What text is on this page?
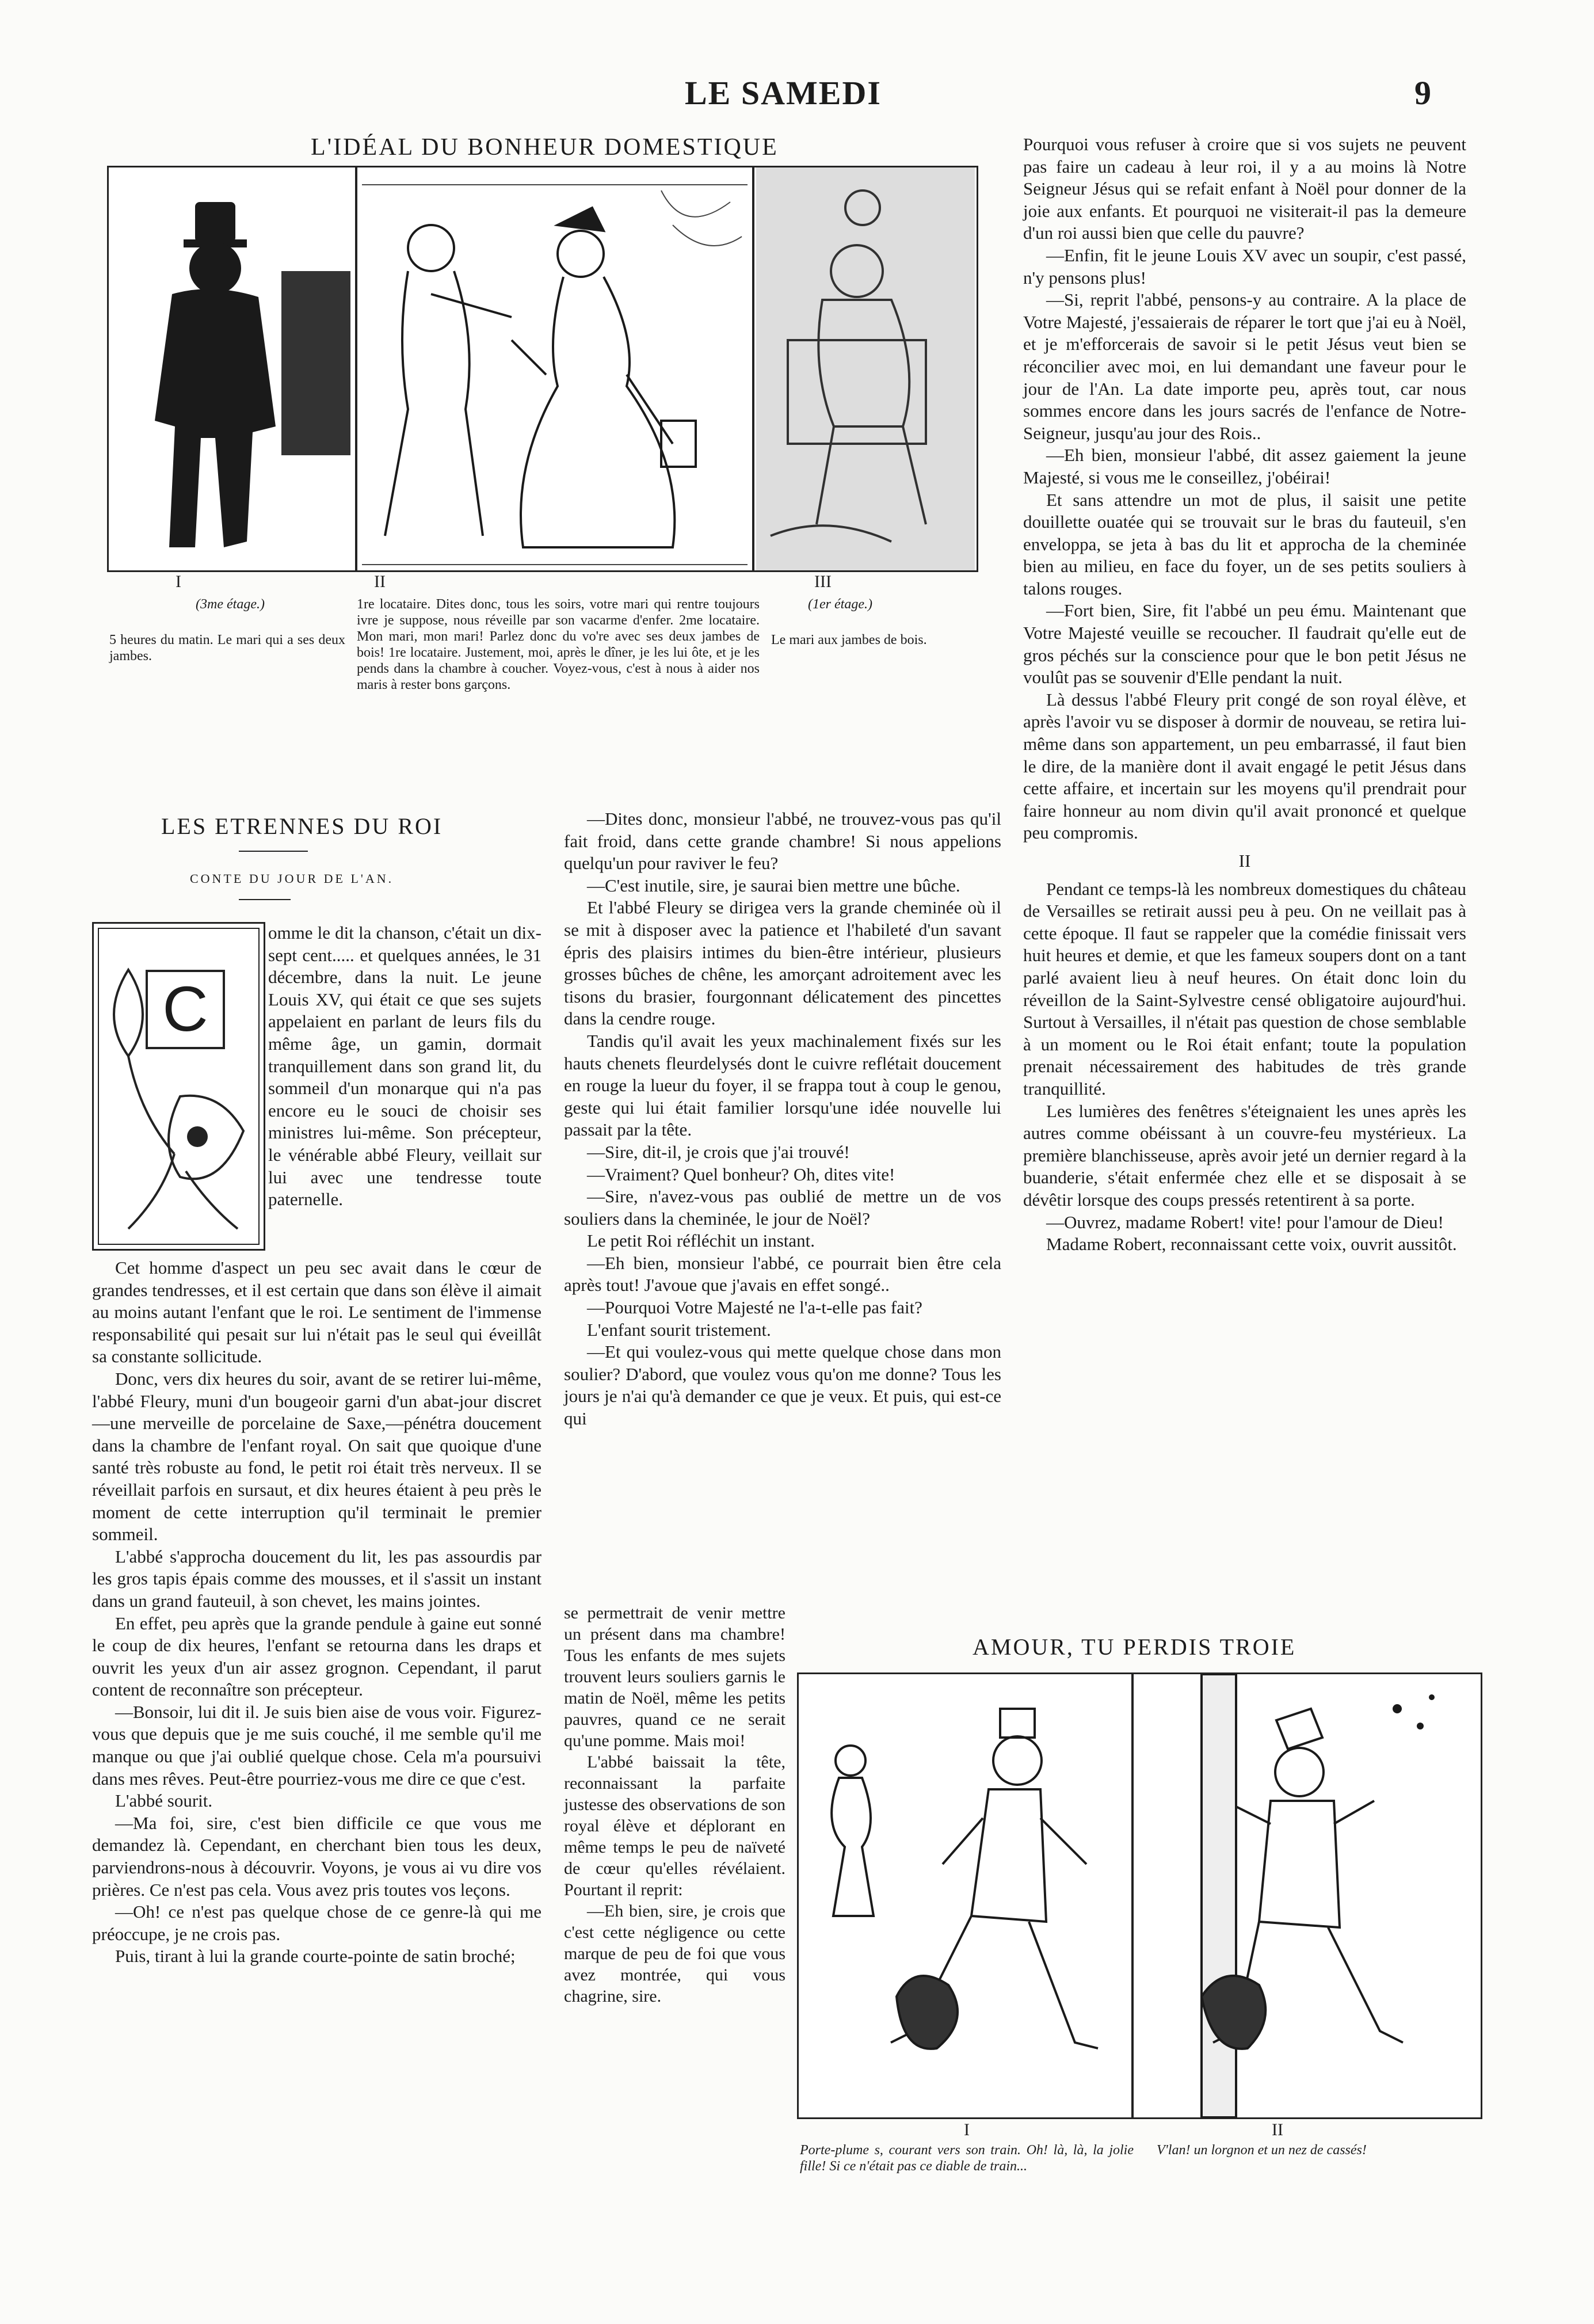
LE SAMEDI	9
L'IDÉAL DU BONHEUR DOMESTIQUE
I	II	III
(3me étage.)
5 heures du matin. Le mari qui a ses deux jambes.
1re locataire. Dites donc, tous les soirs, votre mari qui rentre toujours ivre je suppose, nous réveille par son vacarme d'enfer. 2me locataire. Mon mari, mon mari! Parlez donc du vo're avec ses deux jambes de bois! 1re locataire. Justement, moi, après le dîner, je les lui ôte, et je les pends dans la chambre à coucher. Voyez-vous, c'est à nous à aider nos maris à rester bons garçons.
(1er étage.)
Le mari aux jambes de bois.
LES ETRENNES DU ROI
CONTE DU JOUR DE L'AN.
C

omme le dit la chanson, c'était un dix-sept cent..... et quelques années, le 31 décembre, dans la nuit. Le jeune Louis XV, qui était ce que ses sujets appelaient en parlant de leurs fils du même âge, un gamin, dormait tranquillement dans son grand lit, du sommeil d'un monarque qui n'a pas encore eu le souci de choisir ses ministres lui-même. Son précepteur, le vénérable abbé Fleury, veillait sur lui avec une tendresse toute paternelle.

Cet homme d'aspect un peu sec avait dans le cœur de grandes tendresses, et il est certain que dans son élève il aimait au moins autant l'enfant que le roi. Le sentiment de l'immense responsabilité qui pesait sur lui n'était pas le seul qui éveillât sa constante sollicitude.

Donc, vers dix heures du soir, avant de se retirer lui-même, l'abbé Fleury, muni d'un bougeoir garni d'un abat-jour discret—une merveille de porcelaine de Saxe,—pénétra doucement dans la chambre de l'enfant royal. On sait que quoique d'une santé très robuste au fond, le petit roi était très nerveux. Il se réveillait parfois en sursaut, et dix heures étaient à peu près le moment de cette interruption qu'il terminait le premier sommeil.

L'abbé s'approcha doucement du lit, les pas assourdis par les gros tapis épais comme des mousses, et il s'assit un instant dans un grand fauteuil, à son chevet, les mains jointes.

En effet, peu après que la grande pendule à gaine eut sonné le coup de dix heures, l'enfant se retourna dans les draps et ouvrit les yeux d'un air assez grognon. Cependant, il parut content de reconnaître son précepteur.

—Bonsoir, lui dit il. Je suis bien aise de vous voir. Figurez-vous que depuis que je me suis couché, il me semble qu'il me manque ou que j'ai oublié quelque chose. Cela m'a poursuivi dans mes rêves. Peut-être pourriez-vous me dire ce que c'est.

L'abbé sourit.

—Ma foi, sire, c'est bien difficile ce que vous me demandez là. Cependant, en cherchant bien tous les deux, parviendrons-nous à découvrir. Voyons, je vous ai vu dire vos prières. Ce n'est pas cela. Vous avez pris toutes vos leçons.

—Oh! ce n'est pas quelque chose de ce genre-là qui me préoccupe, je ne crois pas.

Puis, tirant à lui la grande courte-pointe de satin broché;

—Dites donc, monsieur l'abbé, ne trouvez-vous pas qu'il fait froid, dans cette grande chambre! Si nous appelions quelqu'un pour raviver le feu?

—C'est inutile, sire, je saurai bien mettre une bûche.

Et l'abbé Fleury se dirigea vers la grande cheminée où il se mit à disposer avec la patience et l'habileté d'un savant épris des plaisirs intimes du bien-être intérieur, plusieurs grosses bûches de chêne, les amorçant adroitement avec les tisons du brasier, fourgonnant délicatement des pincettes dans la cendre rouge.

Tandis qu'il avait les yeux machinalement fixés sur les hauts chenets fleurdelysés dont le cuivre reflétait doucement en rouge la lueur du foyer, il se frappa tout à coup le genou, geste qui lui était familier lorsqu'une idée nouvelle lui passait par la tête.

—Sire, dit-il, je crois que j'ai trouvé!

—Vraiment? Quel bonheur? Oh, dites vite!

—Sire, n'avez-vous pas oublié de mettre un de vos souliers dans la cheminée, le jour de Noël?

Le petit Roi réfléchit un instant.

—Eh bien, monsieur l'abbé, ce pourrait bien être cela après tout! J'avoue que j'avais en effet songé..

—Pourquoi Votre Majesté ne l'a-t-elle pas fait?

L'enfant sourit tristement.

—Et qui voulez-vous qui mette quelque chose dans mon soulier? D'abord, que voulez vous qu'on me donne? Tous les jours je n'ai qu'à demander ce que je veux. Et puis, qui est-ce qui

se permettrait de venir mettre un présent dans ma chambre! Tous les enfants de mes sujets trouvent leurs souliers garnis le matin de Noël, même les petits pauvres, quand ce ne serait qu'une pomme. Mais moi!

L'abbé baissait la tête, reconnaissant la parfaite justesse des observations de son royal élève et déplorant en même temps le peu de naïveté de cœur qu'elles révélaient. Pourtant il reprit:

—Eh bien, sire, je crois que c'est cette négligence ou cette marque de peu de foi que vous avez montrée, qui vous chagrine, sire.

Pourquoi vous refuser à croire que si vos sujets ne peuvent pas faire un cadeau à leur roi, il y a au moins là Notre Seigneur Jésus qui se refait enfant à Noël pour donner de la joie aux enfants. Et pourquoi ne visiterait-il pas la demeure d'un roi aussi bien que celle du pauvre?

—Enfin, fit le jeune Louis XV avec un soupir, c'est passé, n'y pensons plus!

—Si, reprit l'abbé, pensons-y au contraire. A la place de Votre Majesté, j'essaierais de réparer le tort que j'ai eu à Noël, et je m'efforcerais de savoir si le petit Jésus veut bien se réconcilier avec moi, en lui demandant une faveur pour le jour de l'An. La date importe peu, après tout, car nous sommes encore dans les jours sacrés de l'enfance de Notre-Seigneur, jusqu'au jour des Rois..

—Eh bien, monsieur l'abbé, dit assez gaiement la jeune Majesté, si vous me le conseillez, j'obéirai!

Et sans attendre un mot de plus, il saisit une petite douillette ouatée qui se trouvait sur le bras du fauteuil, s'en enveloppa, se jeta à bas du lit et approcha de la cheminée bien au milieu, en face du foyer, un de ses petits souliers à talons rouges.

—Fort bien, Sire, fit l'abbé un peu ému. Maintenant que Votre Majesté veuille se recoucher. Il faudrait qu'elle eut de gros péchés sur la conscience pour que le bon petit Jésus ne voulût pas se souvenir d'Elle pendant la nuit.

Là dessus l'abbé Fleury prit congé de son royal élève, et après l'avoir vu se disposer à dormir de nouveau, se retira lui-même dans son appartement, un peu embarrassé, il faut bien le dire, de la manière dont il avait engagé le petit Jésus dans cette affaire, et incertain sur les moyens qu'il prendrait pour faire honneur au nom divin qu'il avait prononcé et quelque peu compromis.

II

Pendant ce temps-là les nombreux domestiques du château de Versailles se retirait aussi peu à peu. On ne veillait pas à cette époque. Il faut se rappeler que la comédie finissait vers huit heures et demie, et que les fameux soupers dont on a tant parlé avaient lieu à neuf heures. On était donc loin du réveillon de la Saint-Sylvestre censé obligatoire aujourd'hui. Surtout à Versailles, il n'était pas question de chose semblable à un moment ou le Roi était enfant; toute la population prenait nécessairement des habitudes de très grande tranquillité.

Les lumières des fenêtres s'éteignaient les unes après les autres comme obéissant à un couvre-feu mystérieux. La première blanchisseuse, après avoir jeté un dernier regard à la buanderie, s'était enfermée chez elle et se disposait à se dévêtir lorsque des coups pressés retentirent à sa porte.

—Ouvrez, madame Robert! vite! pour l'amour de Dieu!

Madame Robert, reconnaissant cette voix, ouvrit aussitôt.

AMOUR, TU PERDIS TROIE
I	II
Porte-plume s, courant vers son train. Oh! là, là, la jolie fille! Si ce n'était pas ce diable de train...
V'lan! un lorgnon et un nez de cassés!
